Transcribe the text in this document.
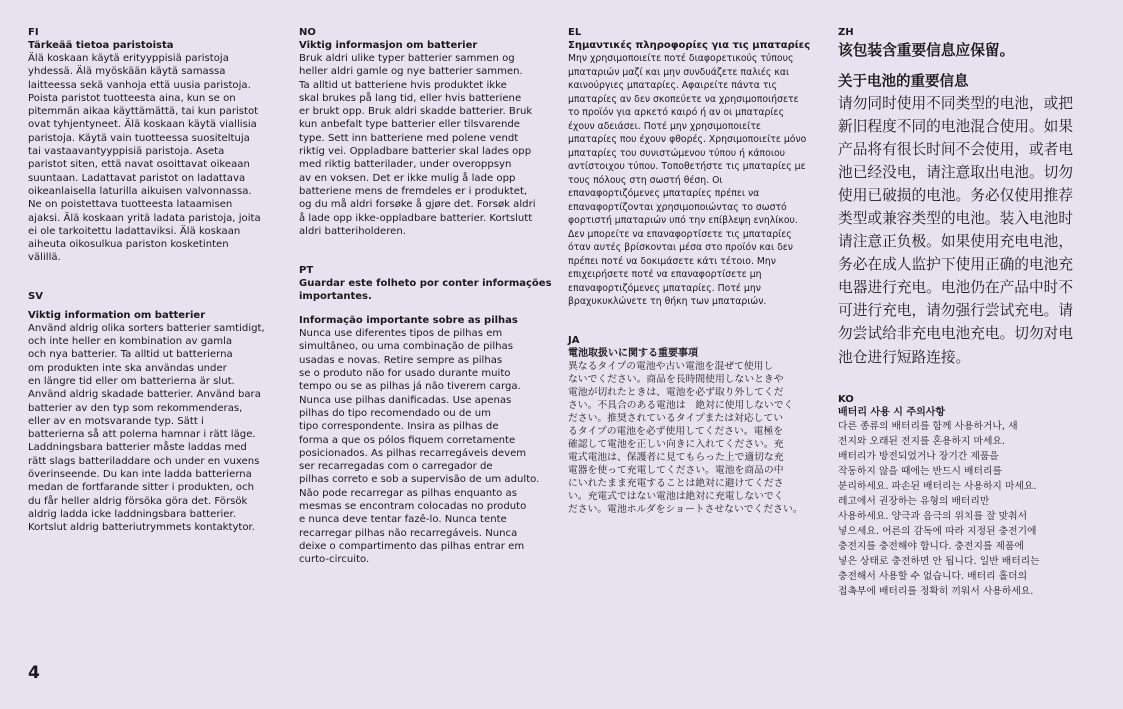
FI
Tärkeää tietoa paristoista
Älä koskaan käytä erityyppisiä paristoja
yhdessä. Älä myöskään käytä samassa
laitteessa sekä vanhoja että uusia paristoja.
Poista paristot tuotteesta aina, kun se on
pitemmän aikaa käyttämättä, tai kun paristot
ovat tyhjentyneet. Älä koskaan käytä viallisia
paristoja. Käytä vain tuotteessa suositeltuja
tai vastaavantyyppisiä paristoja. Aseta
paristot siten, että navat osoittavat oikeaan
suuntaan. Ladattavat paristot on ladattava
oikeanlaisella laturilla aikuisen valvonnassa.
Ne on poistettava tuotteesta lataamisen
ajaksi. Älä koskaan yritä ladata paristoja, joita
ei ole tarkoitettu ladattaviksi. Älä koskaan
aiheuta oikosulkua pariston kosketinten
välillä.
SV
Viktig information om batterier
Använd aldrig olika sorters batterier samtidigt,
och inte heller en kombination av gamla
och nya batterier. Ta alltid ut batterierna
om produkten inte ska användas under
en längre tid eller om batterierna är slut.
Använd aldrig skadade batterier. Använd bara
batterier av den typ som rekommenderas,
eller av en motsvarande typ. Sätt i
batterierna så att polerna hamnar i rätt läge.
Laddningsbara batterier måste laddas med
rätt slags batteriladdare och under en vuxens
överinseende. Du kan inte ladda batterierna
medan de fortfarande sitter i produkten, och
du får heller aldrig försöka göra det. Försök
aldrig ladda icke laddningsbara batterier.
Kortslut aldrig batteriutrymmets kontaktytor.
NO
Viktig informasjon om batterier
Bruk aldri ulike typer batterier sammen og
heller aldri gamle og nye batterier sammen.
Ta alltid ut batteriene hvis produktet ikke
skal brukes på lang tid, eller hvis batteriene
er brukt opp. Bruk aldri skadde batterier. Bruk
kun anbefalt type batterier eller tilsvarende
type. Sett inn batteriene med polene vendt
riktig vei. Oppladbare batterier skal lades opp
med riktig batterilader, under overoppsyn
av en voksen. Det er ikke mulig å lade opp
batteriene mens de fremdeles er i produktet,
og du må aldri forsøke å gjøre det. Forsøk aldri
å lade opp ikke-oppladbare batterier. Kortslutt
aldri batteriholderen.
PT
Guardar este folheto por conter informações
importantes.
Informação importante sobre as pilhas
Nunca use diferentes tipos de pilhas em
simultâneo, ou uma combinação de pilhas
usadas e novas. Retire sempre as pilhas
se o produto não for usado durante muito
tempo ou se as pilhas já não tiverem carga.
Nunca use pilhas danificadas. Use apenas
pilhas do tipo recomendado ou de um
tipo correspondente. Insira as pilhas de
forma a que os pólos fiquem corretamente
posicionados. As pilhas recarregáveis devem
ser recarregadas com o carregador de
pilhas correto e sob a supervisão de um adulto.
Não pode recarregar as pilhas enquanto as
mesmas se encontram colocadas no produto
e nunca deve tentar fazê-lo. Nunca tente
recarregar pilhas não recarregáveis. Nunca
deixe o compartimento das pilhas entrar em
curto-circuito.
EL
Σημαντικές πληροφορίες για τις μπαταρίες
Μην χρησιμοποιείτε ποτέ διαφορετικούς τύπους
μπαταριών μαζί και μην συνδυάζετε παλιές και
καινούργιες μπαταρίες. Αφαιρείτε πάντα τις
μπαταρίες αν δεν σκοπεύετε να χρησιμοποιήσετε
το προϊόν για αρκετό καιρό ή αν οι μπαταρίες
έχουν αδειάσει. Ποτέ μην χρησιμοποιείτε
μπαταρίες που έχουν φθορές. Χρησιμοποιείτε μόνο
μπαταρίες του συνιστώμενου τύπου ή κάποιου
αντίστοιχου τύπου. Τοποθετήστε τις μπαταρίες με
τους πόλους στη σωστή θέση. Οι
επαναφορτιζόμενες μπαταρίες πρέπει να
επαναφορτίζονται χρησιμοποιώντας το σωστό
φορτιστή μπαταριών υπό την επίβλεψη ενηλίκου.
Δεν μπορείτε να επαναφορτίσετε τις μπαταρίες
όταν αυτές βρίσκονται μέσα στο προϊόν και δεν
πρέπει ποτέ να δοκιμάσετε κάτι τέτοιο. Μην
επιχειρήσετε ποτέ να επαναφορτίσετε μη
επαναφορτιζόμενες μπαταρίες. Ποτέ μην
βραχυκυκλώνετε τη θήκη των μπαταριών.
JA
電池取扱いに関する重要事項
異なるタイプの電池や古い電池を混ぜて使用し
ないでください。商品を長時間使用しないときや
電池が切れたときは、電池を必ず取り外してくだ
さい。不具合のある電池は　絶対に使用しないでく
ださい。推奨されているタイプまたは対応してい
るタイプの電池を必ず使用してください。電極を
確認して電池を正しい向きに入れてください。充
電式電池は、保護者に見てもらった上で適切な充
電器を使って充電してください。電池を商品の中
にいれたまま充電することは絶対に避けてくださ
い。充電式ではない電池は絶対に充電しないでく
ださい。電池ホルダをショートさせないでください。
ZH
该包装含重要信息应保留。
关于电池的重要信息
请勿同时使用不同类型的电池，或把
新旧程度不同的电池混合使用。如果
产品将有很长时间不会使用，或者电
池已经没电，请注意取出电池。切勿
使用已破损的电池。务必仅使用推荐
类型或兼容类型的电池。装入电池时
请注意正负极。如果使用充电电池，
务必在成人监护下使用正确的电池充
电器进行充电。电池仍在产品中时不
可进行充电，请勿强行尝试充电。请
勿尝试给非充电电池充电。切勿对电
池仓进行短路连接。
KO
배터리 사용 시 주의사항
다른 종류의 배터리를 함께 사용하거나, 새
전지와 오래된 전지를 혼용하지 마세요.
배터리가 방전되었거나 장기간 제품을
작동하지 않을 때에는 반드시 배터리를
분리하세요. 파손된 배터리는 사용하지 마세요.
레고에서 권장하는 유형의 배터리만
사용하세요. 양극과 음극의 위치를 잘 맞춰서
넣으세요. 어른의 감독에 따라 지정된 충전기에
충전지를 충전해야 합니다. 충전지를 제품에
넣은 상태로 충전하면 안 됩니다. 일반 배터리는
충전해서 사용할 수 없습니다. 배터리 홀더의
접촉부에 배터리를 정확히 끼워서 사용하세요.
4
